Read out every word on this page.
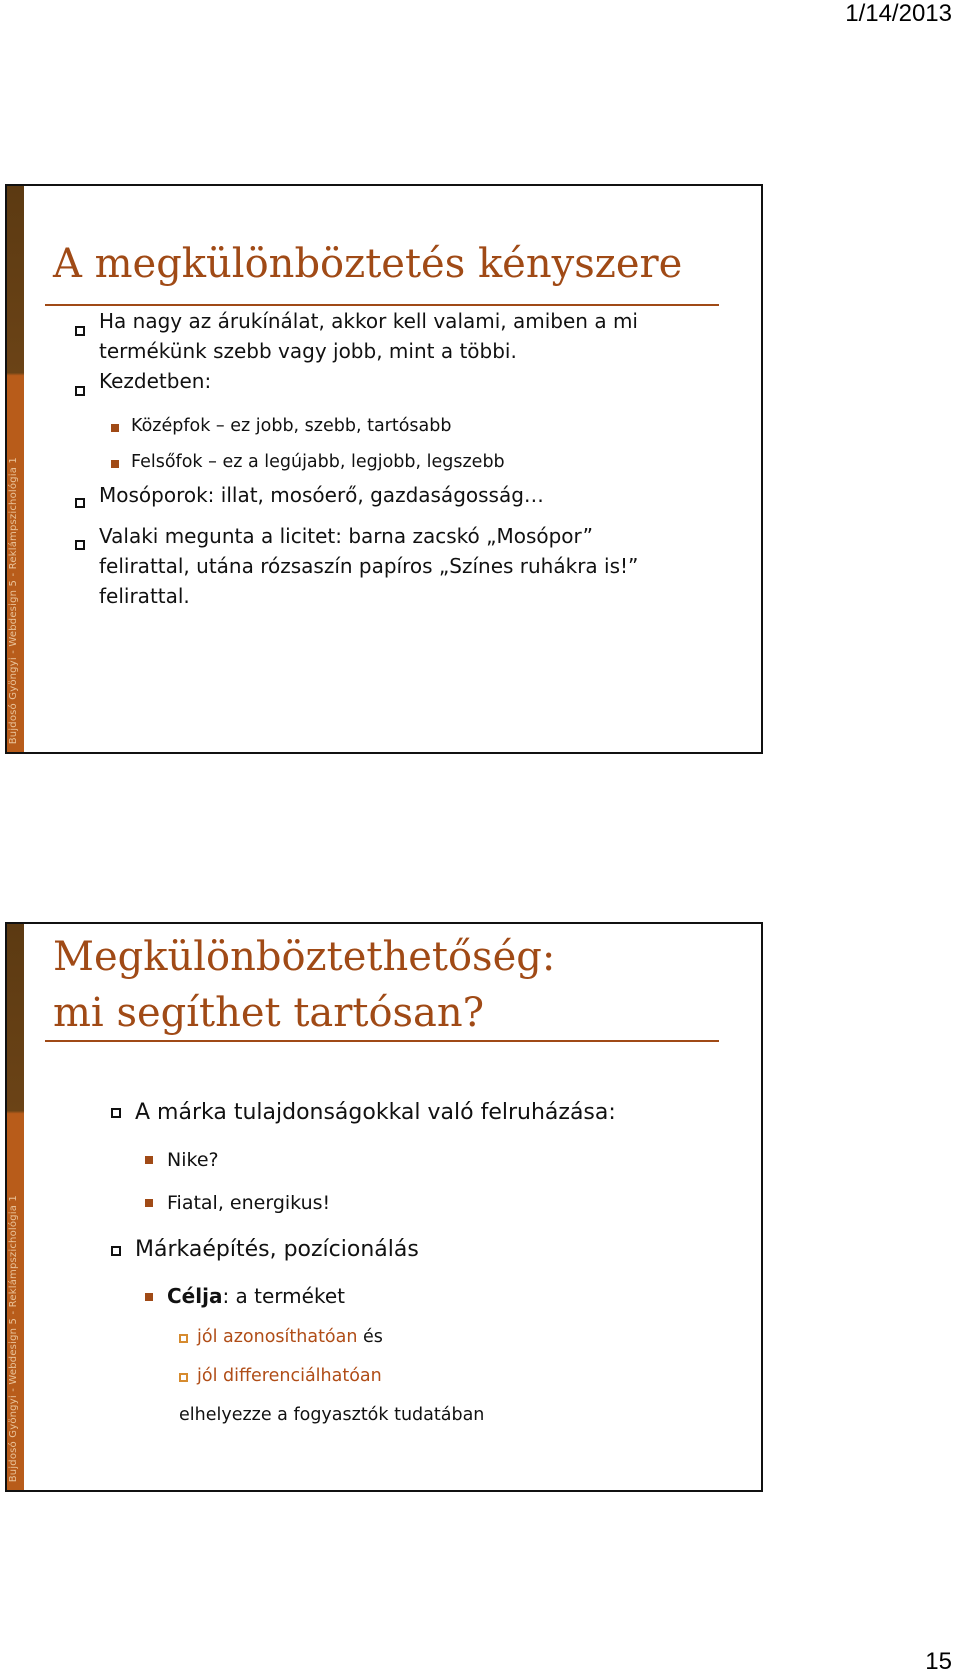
1/14/2013
Bujdosó Gyöngyi - Webdesign 5 - Reklámpszichológia 1
A megkülönböztetés kényszere
Ha nagy az árukínálat, akkor kell valami, amiben a mi
termékünk szebb vagy jobb, mint a többi.
Kezdetben:
Középfok – ez jobb, szebb, tartósabb
Felsőfok – ez a legújabb, legjobb, legszebb
Mosóporok: illat, mosóerő, gazdaságosság…
Valaki megunta a licitet: barna zacskó „Mosópor”
felirattal, utána rózsaszín papíros „Színes ruhákra is!”
felirattal.
Bujdosó Gyöngyi - Webdesign 5 - Reklámpszichológia 1
Megkülönböztethetőség:
mi segíthet tartósan?
A márka tulajdonságokkal való felruházása:
Nike?
Fiatal, energikus!
Márkaépítés, pozícionálás
Célja: a terméket
jól azonosíthatóan és
jól differenciálhatóan
elhelyezze a fogyasztók tudatában
15
